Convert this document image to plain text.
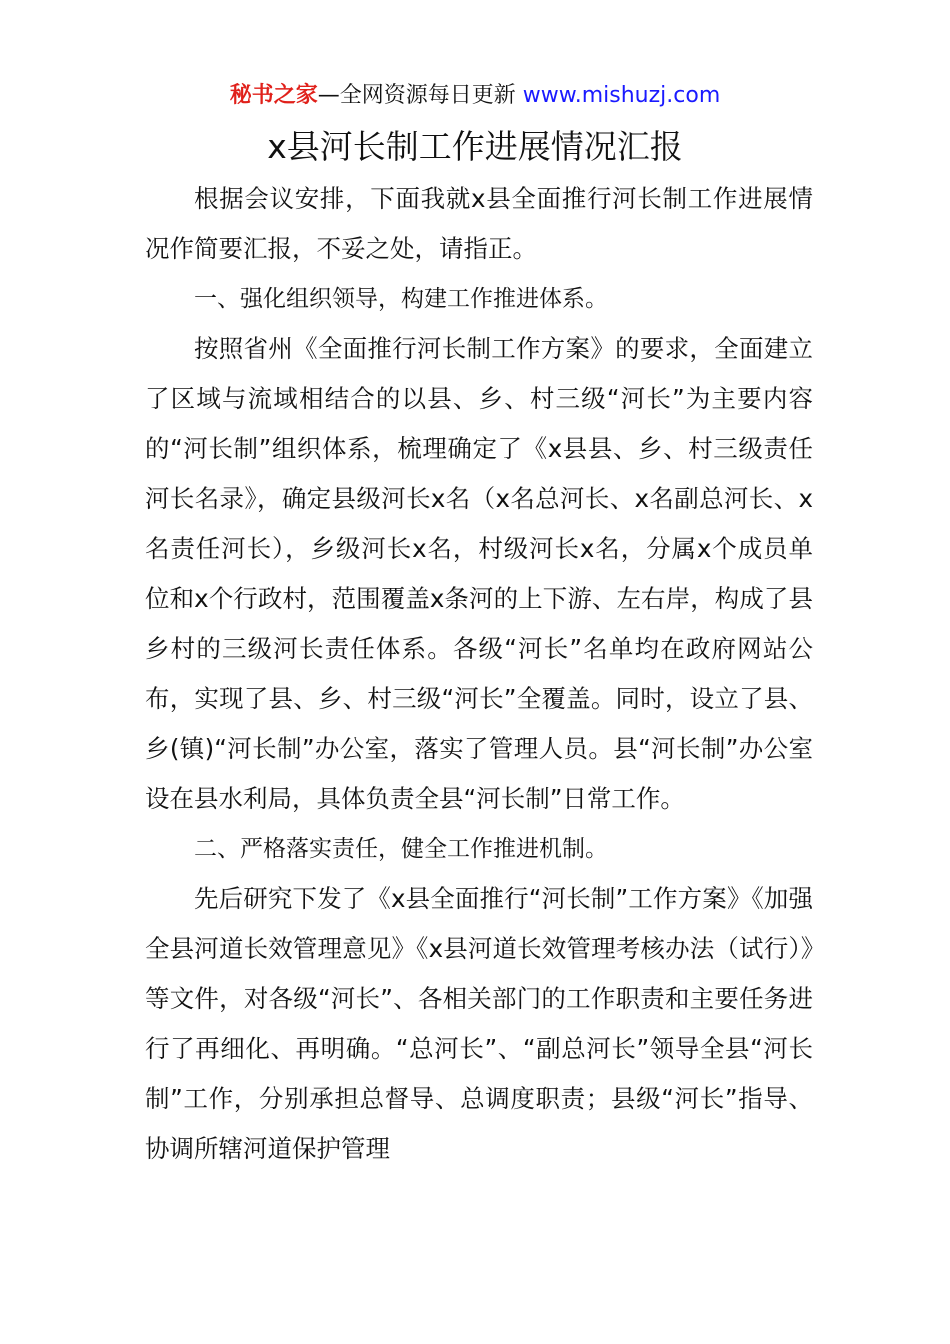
秘书之家—全网资源每日更新 www.mishuzj.com
x县河长制工作进展情况汇报

根据会议安排，下面我就x县全面推行河长制工作进展情况作简要汇报，不妥之处，请指正。

一、强化组织领导，构建工作推进体系。

按照省州《全面推行河长制工作方案》的要求，全面建立了区域与流域相结合的以县、乡、村三级“河长”为主要内容的“河长制”组织体系，梳理确定了《x县县、乡、村三级责任河长名录》，确定县级河长x名（x名总河长、x名副总河长、x名责任河长），乡级河长x名，村级河长x名，分属x个成员单位和x个行政村，范围覆盖x条河的上下游、左右岸，构成了县乡村的三级河长责任体系。各级“河长”名单均在政府网站公布，实现了县、乡、村三级“河长”全覆盖。同时，设立了县、乡(镇)“河长制”办公室，落实了管理人员。县“河长制”办公室设在县水利局，具体负责全县“河长制”日常工作。

二、严格落实责任，健全工作推进机制。

先后研究下发了《x县全面推行“河长制”工作方案》《加强全县河道长效管理意见》《x县河道长效管理考核办法（试行）》等文件，对各级“河长”、各相关部门的工作职责和主要任务进行了再细化、再明确。“总河长”、“副总河长”领导全县“河长制”工作，分别承担总督导、总调度职责；县级“河长”指导、协调所辖河道保护管理
